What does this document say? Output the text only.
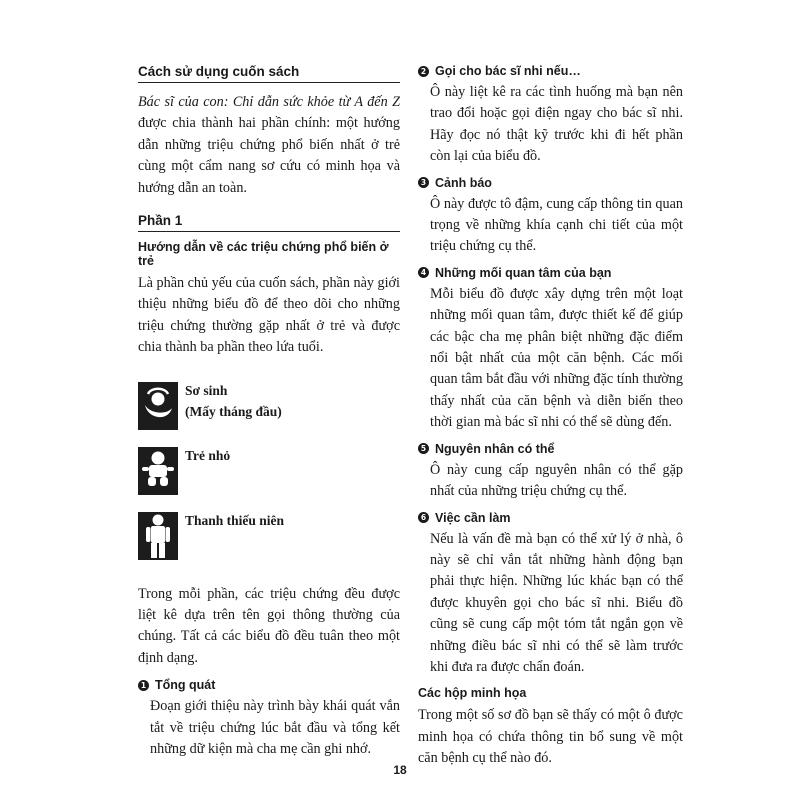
Cách sử dụng cuốn sách

Bác sĩ của con: Chỉ dẫn sức khỏe từ A đến Z được chia thành hai phần chính: một hướng dẫn những triệu chứng phổ biến nhất ở trẻ cùng một cẩm nang sơ cứu có minh họa và hướng dẫn an toàn.

Phần 1
Hướng dẫn về các triệu chứng phổ biến ở trẻ

Là phần chủ yếu của cuốn sách, phần này giới thiệu những biểu đồ để theo dõi cho những triệu chứng thường gặp nhất ở trẻ và được chia thành ba phần theo lứa tuổi.

Sơ sinh
(Mấy tháng đầu)
Trẻ nhỏ
Thanh thiếu niên

Trong mỗi phần, các triệu chứng đều được liệt kê dựa trên tên gọi thông thường của chúng. Tất cả các biểu đồ đều tuân theo một định dạng.

1 Tổng quát

Đoạn giới thiệu này trình bày khái quát vắn tắt về triệu chứng lúc bắt đầu và tổng kết những dữ kiện mà cha mẹ cần ghi nhớ.

2 Gọi cho bác sĩ nhi nếu…

Ô này liệt kê ra các tình huống mà bạn nên trao đổi hoặc gọi điện ngay cho bác sĩ nhi. Hãy đọc nó thật kỹ trước khi đi hết phần còn lại của biểu đồ.

3 Cảnh báo

Ô này được tô đậm, cung cấp thông tin quan trọng về những khía cạnh chi tiết của một triệu chứng cụ thể.

4 Những mối quan tâm của bạn

Mỗi biểu đồ được xây dựng trên một loạt những mối quan tâm, được thiết kế để giúp các bậc cha mẹ phân biệt những đặc điểm nổi bật nhất của một căn bệnh. Các mối quan tâm bắt đầu với những đặc tính thường thấy nhất của căn bệnh và diễn biến theo thời gian mà bác sĩ nhi có thể sẽ dùng đến.

5 Nguyên nhân có thể

Ô này cung cấp nguyên nhân có thể gặp nhất của những triệu chứng cụ thể.

6 Việc cần làm

Nếu là vấn đề mà bạn có thể xử lý ở nhà, ô này sẽ chỉ vắn tắt những hành động bạn phải thực hiện. Những lúc khác bạn có thể được khuyên gọi cho bác sĩ nhi. Biểu đồ cũng sẽ cung cấp một tóm tắt ngắn gọn về những điều bác sĩ nhi có thể sẽ làm trước khi đưa ra được chẩn đoán.

Các hộp minh họa

Trong một số sơ đồ bạn sẽ thấy có một ô được minh họa có chứa thông tin bổ sung về một căn bệnh cụ thể nào đó.

18
